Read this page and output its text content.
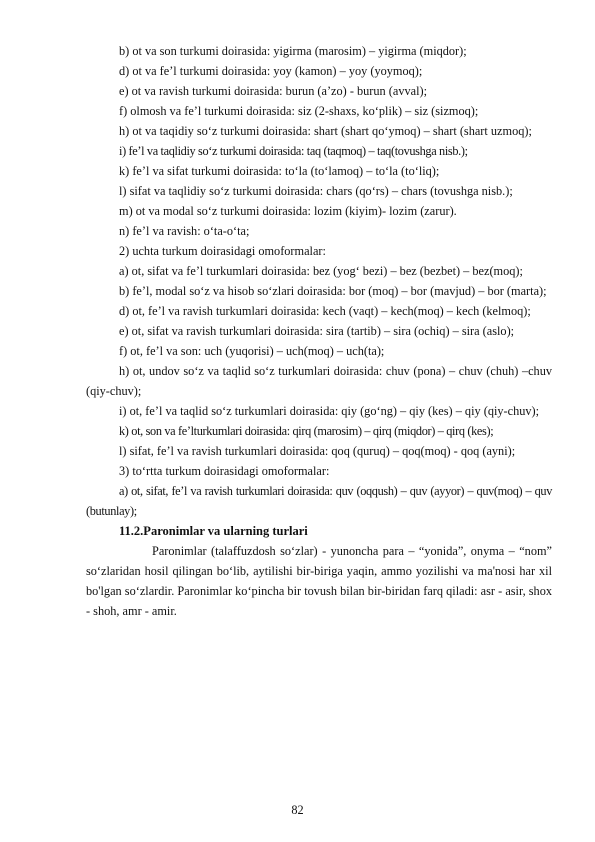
b) ot va son turkumi doirasida: yigirma (marosim) – yigirma (miqdor);
d) ot va fe’l turkumi doirasida: yoy (kamon) – yoy (yoymoq);
e) ot va ravish turkumi doirasida: burun (a’zo) - burun (avval);
f) olmosh va fe’l turkumi doirasida: siz (2-shaxs, ko‘plik) – siz (sizmoq);
h) ot va taqidiy so‘z turkumi doirasida: shart (shart qo‘ymoq) – shart (shart uzmoq);
i) fe’l va taqlidiy so‘z turkumi doirasida: taq (taqmoq) – taq(tovushga nisb.);
k) fe’l va sifat turkumi doirasida: to‘la (to‘lamoq) – to‘la (to‘liq);
l) sifat va taqlidiy so‘z turkumi doirasida: chars (qo‘rs) – chars (tovushga nisb.);
m) ot va modal so‘z turkumi doirasida: lozim (kiyim)- lozim (zarur).
n) fe’l va ravish: o‘ta-o‘ta;
2) uchta turkum doirasidagi omoformalar:
a) ot, sifat va fe’l turkumlari doirasida: bez (yog‘ bezi) – bez (bezbet) – bez(moq);
b) fe’l, modal so‘z va hisob so‘zlari doirasida: bor (moq) – bor (mavjud) – bor (marta);
d) ot, fe’l va ravish turkumlari doirasida: kech (vaqt) – kech(moq) – kech (kelmoq);
e) ot, sifat va ravish turkumlari doirasida: sira (tartib) – sira (ochiq) – sira (aslo);
f) ot, fe’l va son: uch (yuqorisi) – uch(moq) – uch(ta);
h) ot, undov so‘z va taqlid so‘z turkumlari doirasida: chuv (pona) – chuv (chuh) –chuv (qiy-chuv);
i) ot, fe’l va taqlid so‘z turkumlari doirasida: qiy (go‘ng) – qiy (kes) – qiy (qiy-chuv);
k) ot, son va fe’lturkumlari doirasida: qirq (marosim) – qirq (miqdor) – qirq (kes);
l) sifat, fe’l va ravish turkumlari doirasida: qoq (quruq) – qoq(moq) - qoq (ayni);
3) to‘rtta turkum doirasidagi omoformalar:
a) ot, sifat, fe’l va ravish turkumlari doirasida: quv (oqqush) – quv (ayyor) – quv(moq) – quv (butunlay);
11.2.Paronimlar va ularning turlari
Paronimlar (talaffuzdosh so‘zlar) - yunoncha para – “yonida”, onyma – “nom” so‘zlaridan hosil qilingan bo‘lib, aytilishi bir-biriga yaqin, ammo yozilishi va ma'nosi har xil bo'lgan so‘zlardir. Paronimlar ko‘pincha bir tovush bilan bir-biridan farq qiladi: asr - asir, shox - shoh, amr - amir.
82
